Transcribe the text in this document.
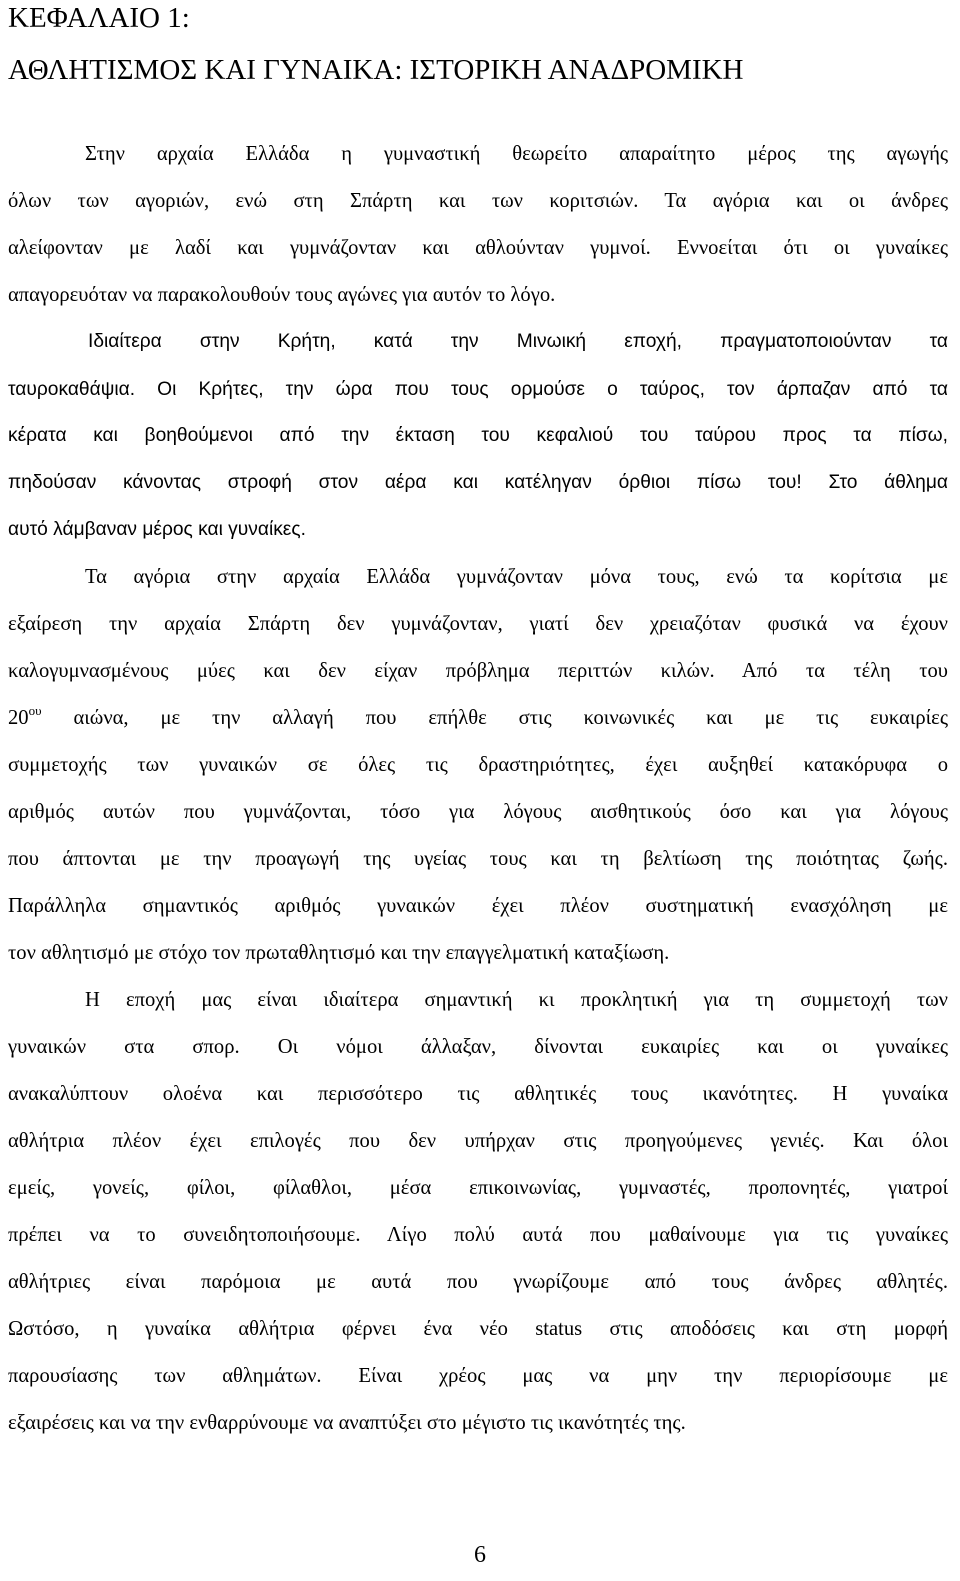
ΚΕΦΑΛΑΙΟ 1:
ΑΘΛΗΤΙΣΜΟΣ ΚΑΙ ΓΥΝΑΙΚΑ: ΙΣΤΟΡΙΚΗ ΑΝΑΔΡΟΜΙΚΗ
Στην αρχαία Ελλάδα η γυμναστική θεωρείτο απαραίτητο μέρος της αγωγής
όλων των αγοριών, ενώ στη Σπάρτη και των κοριτσιών. Τα αγόρια και οι άνδρες
αλείφονταν με λαδί και γυμνάζονταν και αθλούνταν γυμνοί. Εννοείται ότι οι γυναίκες
απαγορευόταν να παρακολουθούν τους αγώνες για αυτόν το λόγο.
Ιδιαίτερα στην Κρήτη, κατά την Μινωική εποχή, πραγματοποιούνταν τα
ταυροκαθάψια. Οι Κρήτες, την ώρα που τους ορμούσε ο ταύρος, τον άρπαζαν από τα
κέρατα και βοηθούμενοι από την έκταση του κεφαλιού του ταύρου προς τα πίσω,
πηδούσαν κάνοντας στροφή στον αέρα και κατέληγαν όρθιοι πίσω του! Στο άθλημα
αυτό λάμβαναν μέρος και γυναίκες.
Τα αγόρια στην αρχαία Ελλάδα γυμνάζονταν μόνα τους, ενώ τα κορίτσια με
εξαίρεση την αρχαία Σπάρτη δεν γυμνάζονταν, γιατί δεν χρειαζόταν φυσικά να έχουν
καλογυμνασμένους μύες και δεν είχαν πρόβλημα περιττών κιλών. Από τα τέλη του
$20^{o\upsilon}$ αιώνα, με την αλλαγή που επήλθε στις κοινωνικές και με τις ευκαιρίες
συμμετοχής των γυναικών σε όλες τις δραστηριότητες, έχει αυξηθεί κατακόρυφα ο
αριθμός αυτών που γυμνάζονται, τόσο για λόγους αισθητικούς όσο και για λόγους
που άπτονται με την προαγωγή της υγείας τους και τη βελτίωση της ποιότητας ζωής.
Παράλληλα σημαντικός αριθμός γυναικών έχει πλέον συστηματική ενασχόληση με
τον αθλητισμό με στόχο τον πρωταθλητισμό και την επαγγελματική καταξίωση.
Η εποχή μας είναι ιδιαίτερα σημαντική κι προκλητική για τη συμμετοχή των
γυναικών στα σπορ. Οι νόμοι άλλαξαν, δίνονται ευκαιρίες και οι γυναίκες
ανακαλύπτουν ολοένα και περισσότερο τις αθλητικές τους ικανότητες. Η γυναίκα
αθλήτρια πλέον έχει επιλογές που δεν υπήρχαν στις προηγούμενες γενιές. Και όλοι
εμείς, γονείς, φίλοι, φίλαθλοι, μέσα επικοινωνίας, γυμναστές, προπονητές, γιατροί
πρέπει να το συνειδητοποιήσουμε. Λίγο πολύ αυτά που μαθαίνουμε για τις γυναίκες
αθλήτριες είναι παρόμοια με αυτά που γνωρίζουμε από τους άνδρες αθλητές.
Ωστόσο, η γυναίκα αθλήτρια φέρνει ένα νέο status στις αποδόσεις και στη μορφή
παρουσίασης των αθλημάτων. Είναι χρέος μας να μην την περιορίσουμε με
εξαιρέσεις και να την ενθαρρύνουμε να αναπτύξει στο μέγιστο τις ικανότητές της.
6
